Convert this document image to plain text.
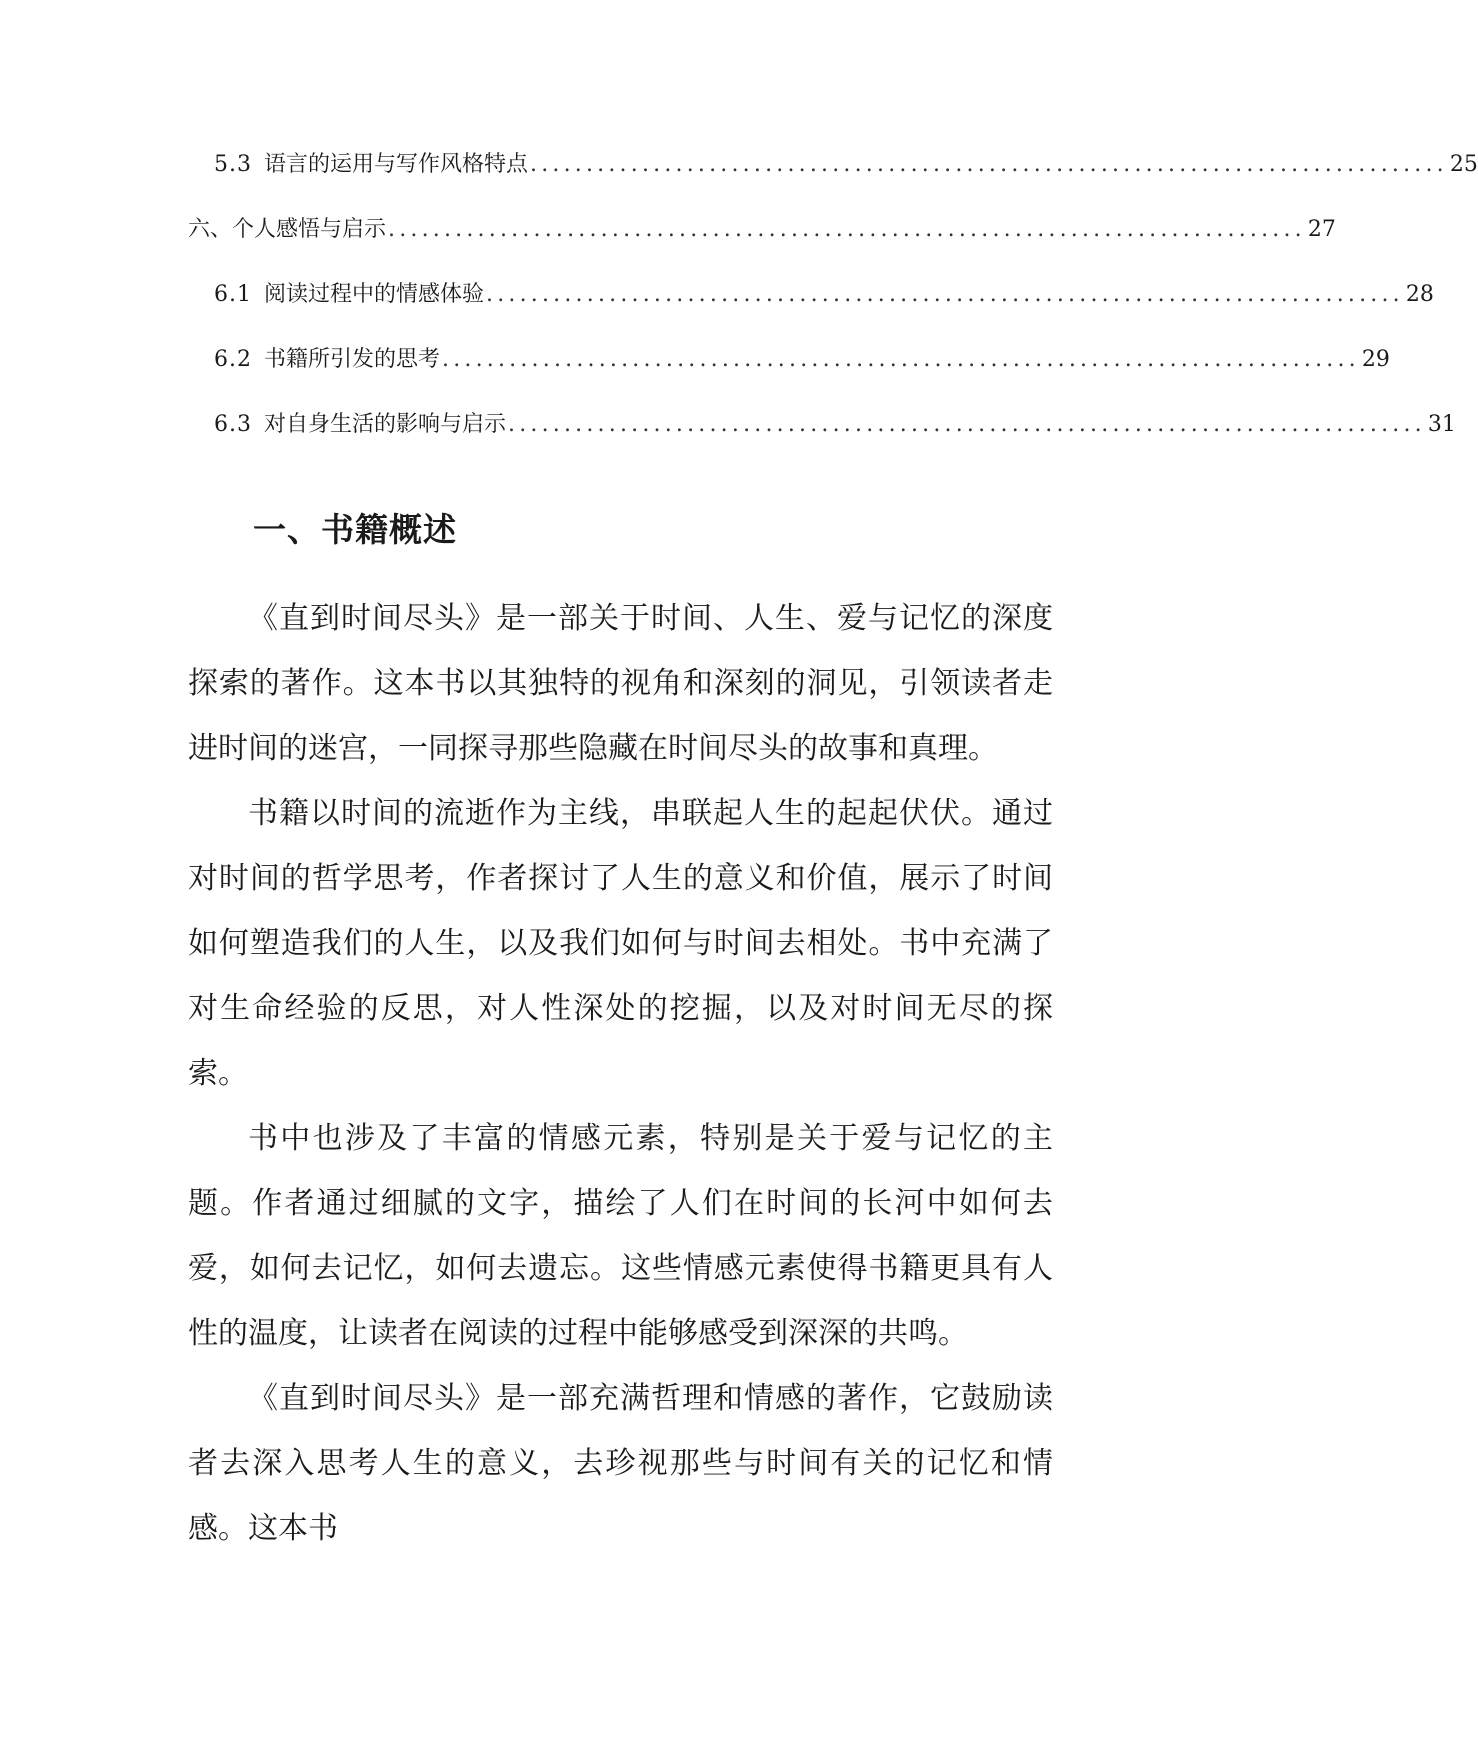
5.3 语言的运用与写作风格特点 .................................................................................. 25
六、个人感悟与启示 .................................................................................. 27
6.1 阅读过程中的情感体验 .................................................................................. 28
6.2 书籍所引发的思考 .................................................................................. 29
6.3 对自身生活的影响与启示 .................................................................................. 31
一、书籍概述

《直到时间尽头》是一部关于时间、人生、爱与记忆的深度探索的著作。这本书以其独特的视角和深刻的洞见，引领读者走进时间的迷宫，一同探寻那些隐藏在时间尽头的故事和真理。

书籍以时间的流逝作为主线，串联起人生的起起伏伏。通过对时间的哲学思考，作者探讨了人生的意义和价值，展示了时间如何塑造我们的人生，以及我们如何与时间去相处。书中充满了对生命经验的反思，对人性深处的挖掘，以及对时间无尽的探索。

书中也涉及了丰富的情感元素，特别是关于爱与记忆的主题。作者通过细腻的文字，描绘了人们在时间的长河中如何去爱，如何去记忆，如何去遗忘。这些情感元素使得书籍更具有人性的温度，让读者在阅读的过程中能够感受到深深的共鸣。

《直到时间尽头》是一部充满哲理和情感的著作，它鼓励读者去深入思考人生的意义，去珍视那些与时间有关的记忆和情感。这本书
